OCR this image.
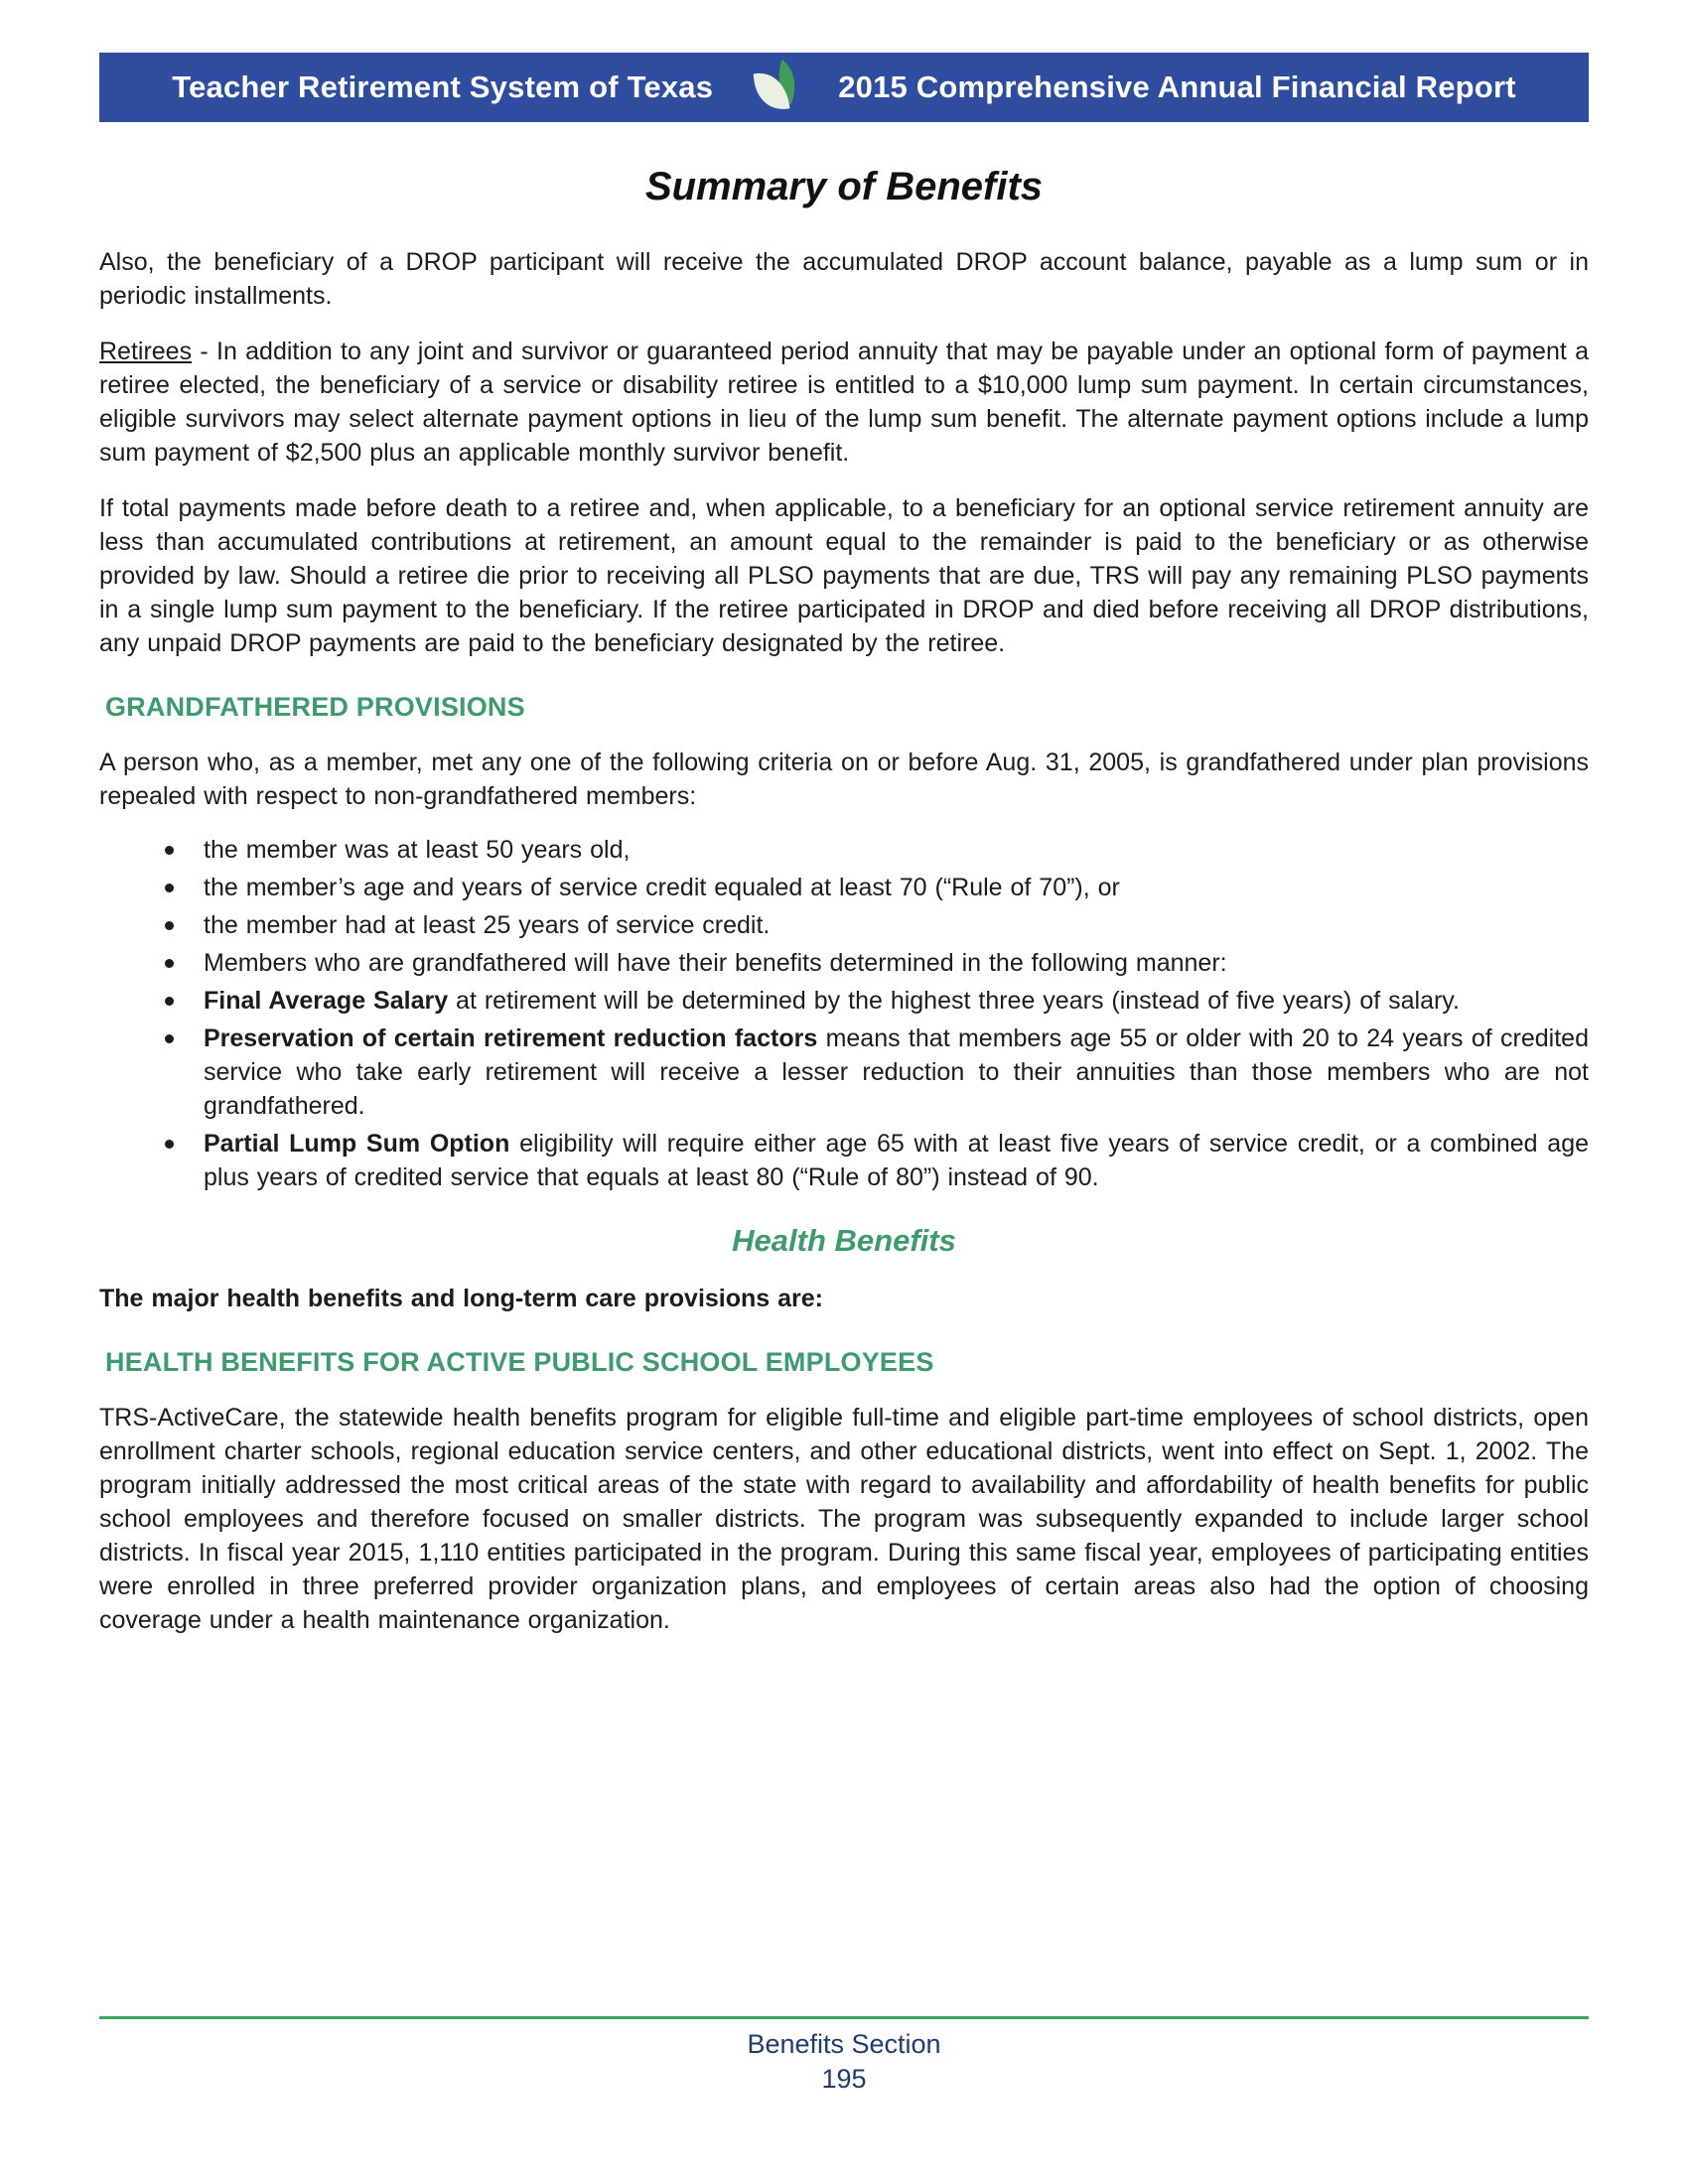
Teacher Retirement System of Texas	2015 Comprehensive Annual Financial Report
Summary of Benefits

Also, the beneficiary of a DROP participant will receive the accumulated DROP account balance, payable as a lump sum or in periodic installments.

Retirees - In addition to any joint and survivor or guaranteed period annuity that may be payable under an optional form of payment a retiree elected, the beneficiary of a service or disability retiree is entitled to a $10,000 lump sum payment. In certain circumstances, eligible survivors may select alternate payment options in lieu of the lump sum benefit. The alternate payment options include a lump sum payment of $2,500 plus an applicable monthly survivor benefit.

If total payments made before death to a retiree and, when applicable, to a beneficiary for an optional service retirement annuity are less than accumulated contributions at retirement, an amount equal to the remainder is paid to the beneficiary or as otherwise provided by law. Should a retiree die prior to receiving all PLSO payments that are due, TRS will pay any remaining PLSO payments in a single lump sum payment to the beneficiary. If the retiree participated in DROP and died before receiving all DROP distributions, any unpaid DROP payments are paid to the beneficiary designated by the retiree.

GRANDFATHERED PROVISIONS

A person who, as a member, met any one of the following criteria on or before Aug. 31, 2005, is grandfathered under plan provisions repealed with respect to non-grandfathered members:

the member was at least 50 years old,
the member’s age and years of service credit equaled at least 70 (“Rule of 70”), or
the member had at least 25 years of service credit.
Members who are grandfathered will have their benefits determined in the following manner:
Final Average Salary at retirement will be determined by the highest three years (instead of five years) of salary.
Preservation of certain retirement reduction factors means that members age 55 or older with 20 to 24 years of credited service who take early retirement will receive a lesser reduction to their annuities than those members who are not grandfathered.
Partial Lump Sum Option eligibility will require either age 65 with at least five years of service credit, or a combined age plus years of credited service that equals at least 80 (“Rule of 80”) instead of 90.
Health Benefits

The major health benefits and long-term care provisions are:

HEALTH BENEFITS FOR ACTIVE PUBLIC SCHOOL EMPLOYEES

TRS-ActiveCare, the statewide health benefits program for eligible full-time and eligible part-time employees of school districts, open enrollment charter schools, regional education service centers, and other educational districts, went into effect on Sept. 1, 2002. The program initially addressed the most critical areas of the state with regard to availability and affordability of health benefits for public school employees and therefore focused on smaller districts. The program was subsequently expanded to include larger school districts. In fiscal year 2015, 1,110 entities participated in the program. During this same fiscal year, employees of participating entities were enrolled in three preferred provider organization plans, and employees of certain areas also had the option of choosing coverage under a health maintenance organization.

Benefits Section
195
